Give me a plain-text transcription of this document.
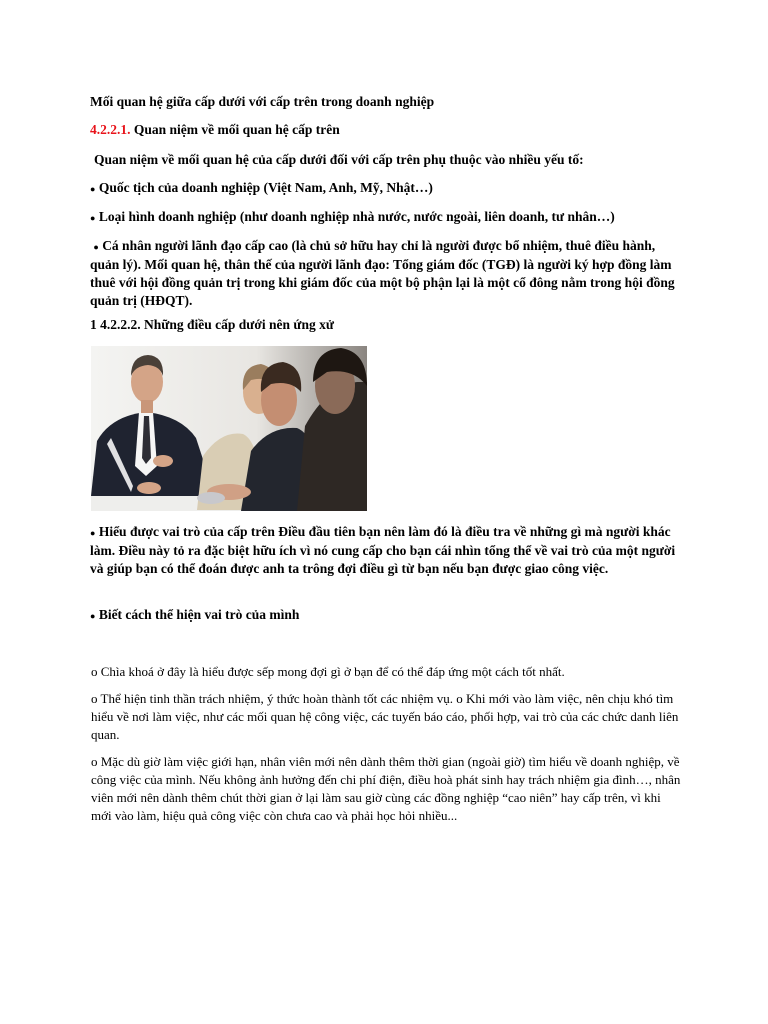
Mối quan hệ giữa cấp dưới với cấp trên trong doanh nghiệp
4.2.2.1. Quan niệm về mối quan hệ cấp trên
Quan niệm về mối quan hệ của cấp dưới đối với cấp trên phụ thuộc vào nhiều yếu tố:
● Quốc tịch của doanh nghiệp (Việt Nam, Anh, Mỹ, Nhật…)
● Loại hình doanh nghiệp (như doanh nghiệp nhà nước, nước ngoài, liên doanh, tư nhân…)
● Cá nhân người lãnh đạo cấp cao (là chủ sở hữu hay chỉ là người được bổ nhiệm, thuê điều hành, quản lý). Mối quan hệ, thân thế của người lãnh đạo: Tổng giám đốc (TGĐ) là người ký hợp đồng làm thuê với hội đồng quản trị trong khi giám đốc của một bộ phận lại là một cổ đông nằm trong hội đồng quản trị (HĐQT).
1 4.2.2.2. Những điều cấp dưới nên ứng xử
● Hiểu được vai trò của cấp trên Điều đầu tiên bạn nên làm đó là điều tra về những gì mà người khác làm. Điều này tỏ ra đặc biệt hữu ích vì nó cung cấp cho bạn cái nhìn tổng thể về vai trò của một người và giúp bạn có thể đoán được anh ta trông đợi điều gì từ bạn nếu bạn được giao công việc.
● Biết cách thể hiện vai trò của mình
o Chìa khoá ở đây là hiểu được sếp mong đợi gì ở bạn để có thể đáp ứng một cách tốt nhất.
o Thể hiện tinh thần trách nhiệm, ý thức hoàn thành tốt các nhiệm vụ. o Khi mới vào làm việc, nên chịu khó tìm hiểu về nơi làm việc, như các mối quan hệ công việc, các tuyến báo cáo, phối hợp, vai trò của các chức danh liên quan.
o Mặc dù giờ làm việc giới hạn, nhân viên mới nên dành thêm thời gian (ngoài giờ) tìm hiểu về doanh nghiệp, về công việc của mình. Nếu không ảnh hưởng đến chi phí điện, điều hoà phát sinh hay trách nhiệm gia đình…, nhân viên mới nên dành thêm chút thời gian ở lại làm sau giờ cùng các đồng nghiệp “cao niên” hay cấp trên, vì khi mới vào làm, hiệu quả công việc còn chưa cao và phải học hỏi nhiều...
